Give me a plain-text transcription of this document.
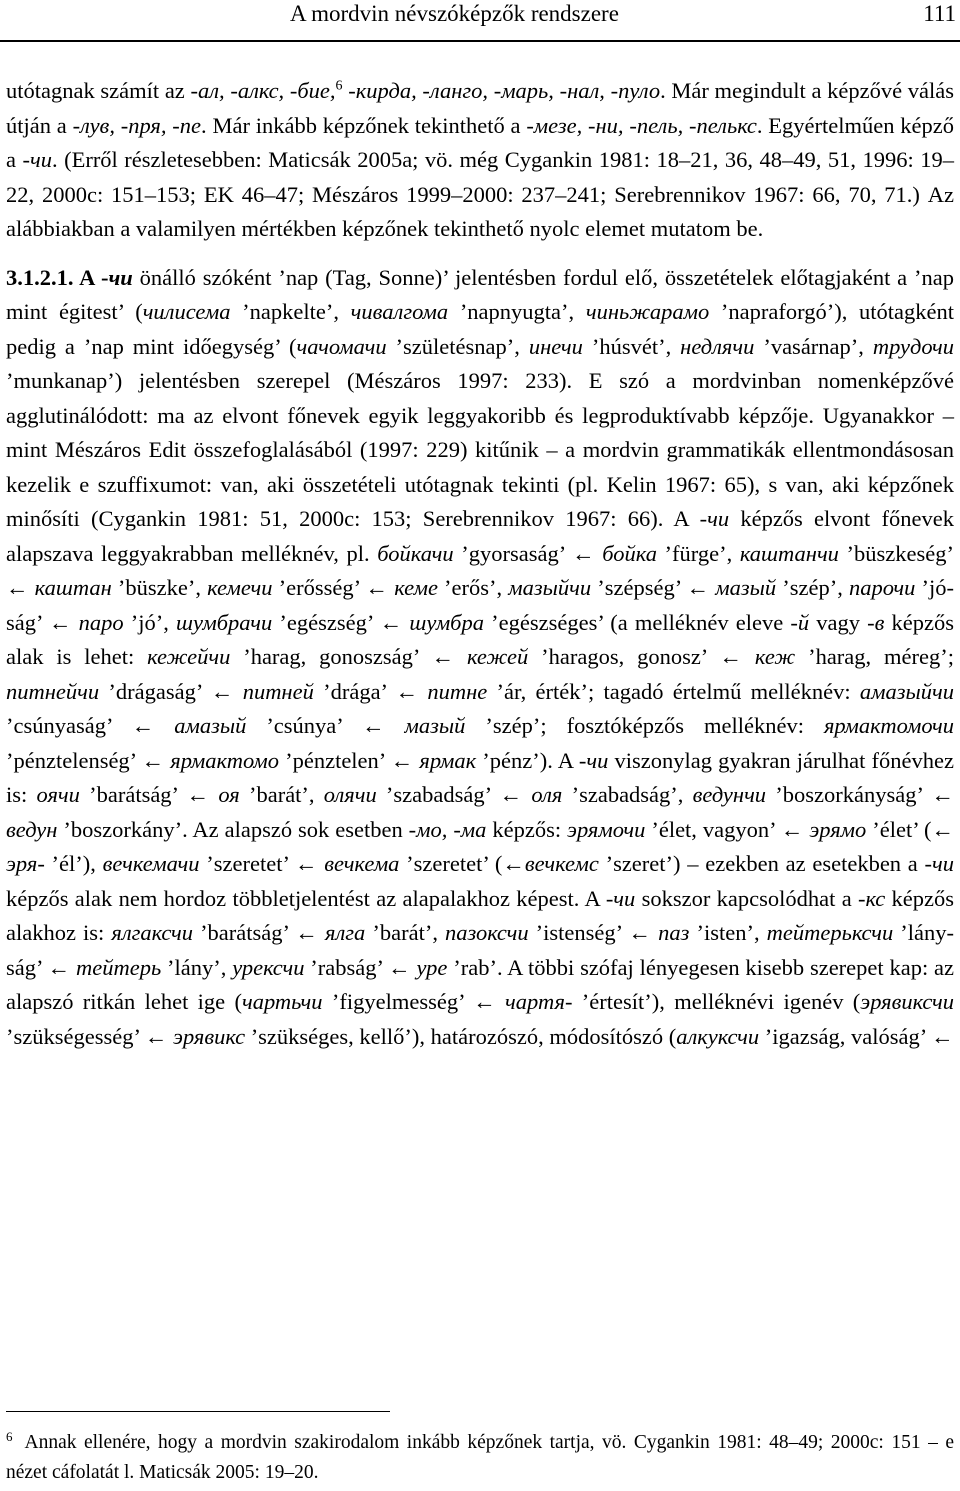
A mordvin névszóképzők rendszere	111

utótagnak számít az -ал, -алкс, -бие,$^6$ -кирда, -ланго, -марь, -нал, -пуло. Már megindult a képzővé válás útján a -лув, -пря, -пе. Már inkább képzőnek tekinthető a -мезе, -ни, -пель, -пелькс. Egyértelműen képző a -чи. (Erről részletesebben: Maticsák 2005a; vö. még Cygankin 1981: 18–21, 36, 48–49, 51, 1996: 19–22, 2000c: 151–153; EK 46–47; Mészáros 1999–2000: 237–241; Serebrennikov 1967: 66, 70, 71.) Az alábbiakban a valamilyen mértékben képzőnek tekinthető nyolc elemet mutatom be.

3.1.2.1. A -чи önálló szóként ’nap (Tag, Sonne)’ jelentésben fordul elő, összetételek előtagjaként a ’nap mint égitest’ (чилисема ’napkelte’, чивалгома ’napnyugta’, чиньжарамо ’napraforgó’), utótagként pedig a ’nap mint időegység’ (чачомачи ’születésnap’, инечи ’húsvét’, недлячи ’vasárnap’, трудочи ’munkanap’) jelentésben szerepel (Mészáros 1997: 233). E szó a mordvinban nomenképzővé agglutinálódott: ma az elvont főnevek egyik leggyakoribb és legproduktívabb képzője. Ugyanakkor – mint Mészáros Edit összefoglalásából (1997: 229) kitűnik – a mordvin grammatikák ellentmondásosan kezelik e szuffixumot: van, aki összetételi utótagnak tekinti (pl. Kelin 1967: 65), s van, aki képzőnek minősíti (Cygankin 1981: 51, 2000c: 153; Serebrennikov 1967: 66). A -чи képzős elvont főnevek alapszava leggyakrabban melléknév, pl. бойкачи ’gyorsaság’ ← бойка ’fürge’, каштанчи ’büszkeség’ ← каштан ’büszke’, кемечи ’erősség’ ← кеме ’erős’, мазыйчи ’szépség’ ← мазый ’szép’, парочи ’jóság’ ← паро ’jó’, шумбрачи ’egészség’ ← шумбра ’egészséges’ (a melléknév eleve -й vagy -в képzős alak is lehet: кежейчи ’harag, gonoszság’ ← кежей ’haragos, gonosz’ ← кеж ’harag, méreg’; питнейчи ’drágaság’ ← питней ’drága’ ← питне ’ár, érték’; tagadó értelmű melléknév: амазыйчи ’csúnyaság’ ← амазый ’csúnya’ ← мазый ’szép’; fosztóképzős melléknév: ярмактомочи ’pénztelenség’ ← ярмактомо ’pénztelen’ ← ярмак ’pénz’). A -чи viszonylag gyakran járulhat főnévhez is: оячи ’barátság’ ← оя ’barát’, олячи ’szabadság’ ← оля ’szabadság’, ведунчи ’boszorkányság’ ← ведун ’boszorkány’. Az alapszó sok esetben -мо, -ма képzős: эрямочи ’élet, vagyon’ ← эрямо ’élet’ (← эря- ’él’), вечкемачи ’szeretet’ ← вечкема ’szeretet’ (←вечкемс ’szeret’) – ezekben az esetekben a -чи képzős alak nem hordoz többletjelentést az alapalakhoz képest. A -чи sokszor kapcsolódhat a -кс képzős alakhoz is: ялгаксчи ’barátság’ ← ялга ’barát’, пазоксчи ’istenség’ ← паз ’isten’, тейтерьксчи ’lányság’ ← тейтерь ’lány’, урексчи ’rabság’ ← уре ’rab’. A többi szófaj lényegesen kisebb szerepet kap: az alapszó ritkán lehet ige (чартьчи ’figyelmesség’ ← чартя- ’értesít’), melléknévi igenév (эрявиксчи ’szükségesség’ ← эрявикс ’szükséges, kellő’), határozószó, módosítószó (алкуксчи ’igazság, valóság’ ←

$^6$ Annak ellenére, hogy a mordvin szakirodalom inkább képzőnek tartja, vö. Cygankin 1981: 48–49; 2000c: 151 – e nézet cáfolatát l. Maticsák 2005: 19–20.
